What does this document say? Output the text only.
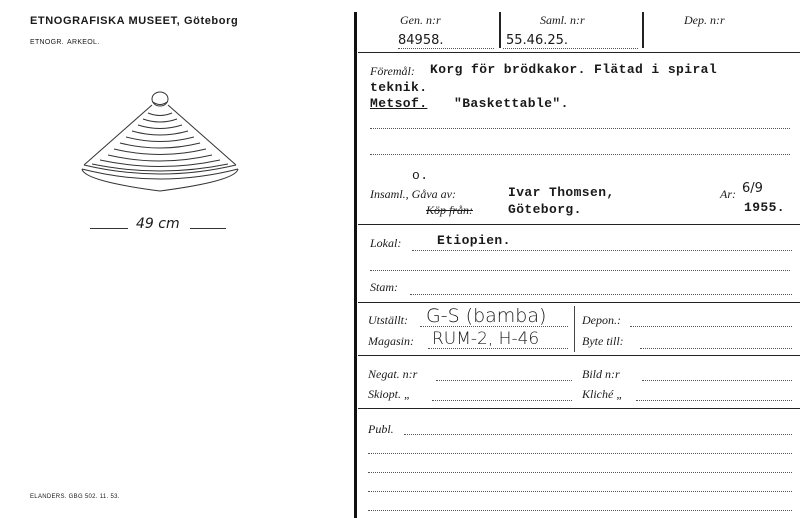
ETNOGRAFISKA MUSEET, Göteborg
ETNOGR. ARKEOL.
49 cm
ELANDERS. GBG 502. 11. 53.
Gen. n:r
84958.
Saml. n:r
55.46.25.
Dep. n:r
Föremål: Korg för brödkakor. Flätad i spiral
teknik.
Metsof. "Baskettable".
o.
Insaml., Gåva av:	Ivar Thomsen,
Köp från:	Göteborg.
Ar: 6/9
1955.
Lokal:	Etiopien.
Stam:
Utställt: G-S (bamba)
Magasin: RUM-2, H-46
Depon.:
Byte till:
Negat. n:r	Bild n:r
Skiopt. „	Kliché „
Publ.
